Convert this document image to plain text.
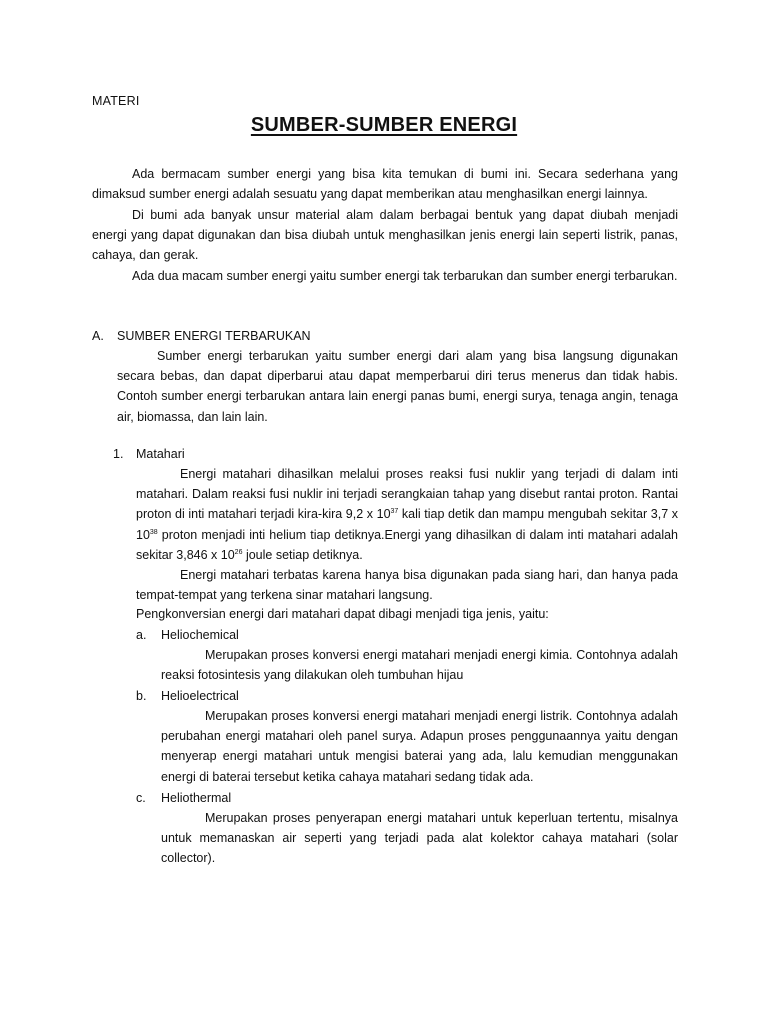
MATERI
SUMBER-SUMBER ENERGI

Ada bermacam sumber energi yang bisa kita temukan di bumi ini. Secara sederhana yang dimaksud sumber energi adalah sesuatu yang dapat memberikan atau menghasilkan energi lainnya.

Di bumi ada banyak unsur material alam dalam berbagai bentuk yang dapat diubah menjadi energi yang dapat digunakan dan bisa diubah untuk menghasilkan jenis energi lain seperti listrik, panas, cahaya, dan gerak.

Ada dua macam sumber energi yaitu sumber energi tak terbarukan dan sumber energi terbarukan.

A. SUMBER ENERGI TERBARUKAN

Sumber energi terbarukan yaitu sumber energi dari alam yang bisa langsung digunakan secara bebas, dan dapat diperbarui atau dapat memperbarui diri terus menerus dan tidak habis. Contoh sumber energi terbarukan antara lain energi panas bumi, energi surya, tenaga angin, tenaga air, biomassa, dan lain lain.

1. Matahari

Energi matahari dihasilkan melalui proses reaksi fusi nuklir yang terjadi di dalam inti matahari. Dalam reaksi fusi nuklir ini terjadi serangkaian tahap yang disebut rantai proton. Rantai proton di inti matahari terjadi kira-kira 9,2 x $10^{37}$ kali tiap detik dan mampu mengubah sekitar 3,7 x $10^{38}$ proton menjadi inti helium tiap detiknya.Energi yang dihasilkan di dalam inti matahari adalah sekitar 3,846 x $10^{26}$ joule setiap detiknya.

Energi matahari terbatas karena hanya bisa digunakan pada siang hari, dan hanya pada tempat-tempat yang terkena sinar matahari langsung.

Pengkonversian energi dari matahari dapat dibagi menjadi tiga jenis, yaitu:

a. Heliochemical

Merupakan proses konversi energi matahari menjadi energi kimia. Contohnya adalah reaksi fotosintesis yang dilakukan oleh tumbuhan hijau

b. Helioelectrical

Merupakan proses konversi energi matahari menjadi energi listrik. Contohnya adalah perubahan energi matahari oleh panel surya. Adapun proses penggunaannya yaitu dengan menyerap energi matahari untuk mengisi baterai yang ada, lalu kemudian menggunakan energi di baterai tersebut ketika cahaya matahari sedang tidak ada.

c. Heliothermal

Merupakan proses penyerapan energi matahari untuk keperluan tertentu, misalnya untuk memanaskan air seperti yang terjadi pada alat kolektor cahaya matahari (solar collector).
